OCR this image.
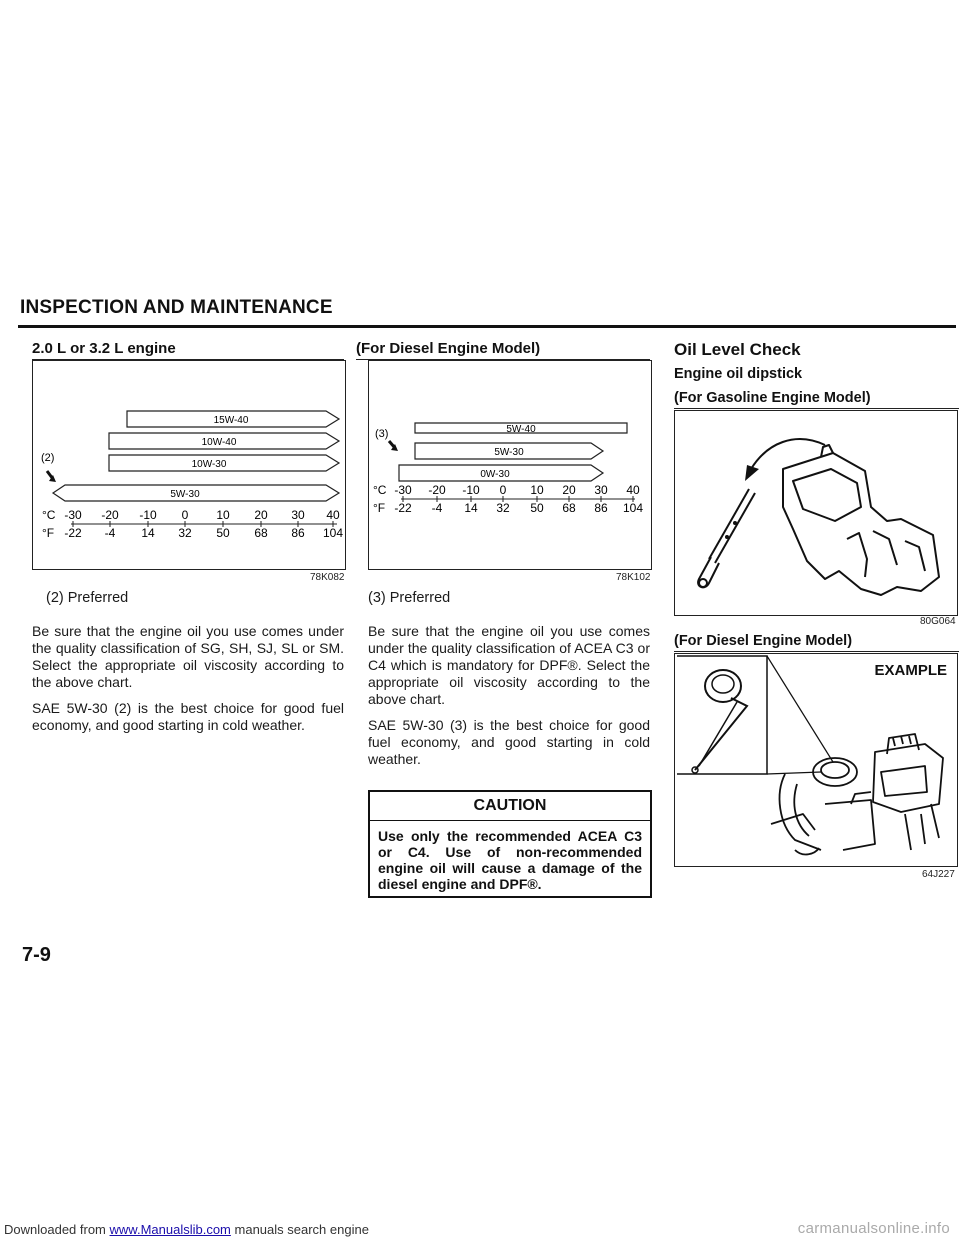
INSPECTION AND MAINTENANCE
2.0 L or 3.2 L engine
15W-40
10W-40
(2)
10W-30
5W-30
°C -30 -20 -10 0 10 20 30 40
°F -22 -4 14 32 50 68 86 104
78K082
(2) Preferred

Be sure that the engine oil you use comes under the quality classification of SG, SH, SJ, SL or SM. Select the appropriate oil viscosity according to the above chart.

SAE 5W-30 (2) is the best choice for good fuel economy, and good starting in cold weather.

(For Diesel Engine Model)
(3)	5W-40
5W-30
0W-30
°C -30 -20 -10 0 10 20 30 40
°F -22 -4 14 32 50 68 86 104
78K102
(3) Preferred

Be sure that the engine oil you use comes under the quality classification of ACEA C3 or C4 which is mandatory for DPF®. Select the appropriate oil viscosity according to the above chart.

SAE 5W-30 (3) is the best choice for good fuel economy, and good starting in cold weather.

CAUTION
Use only the recommended ACEA C3 or C4. Use of non-recommended engine oil will cause a damage of the diesel engine and DPF®.
Oil Level Check
Engine oil dipstick
(For Gasoline Engine Model)
80G064
(For Diesel Engine Model)
EXAMPLE
64J227
7-9
Downloaded from www.Manualslib.com manuals search engine	carmanualsonline.info
